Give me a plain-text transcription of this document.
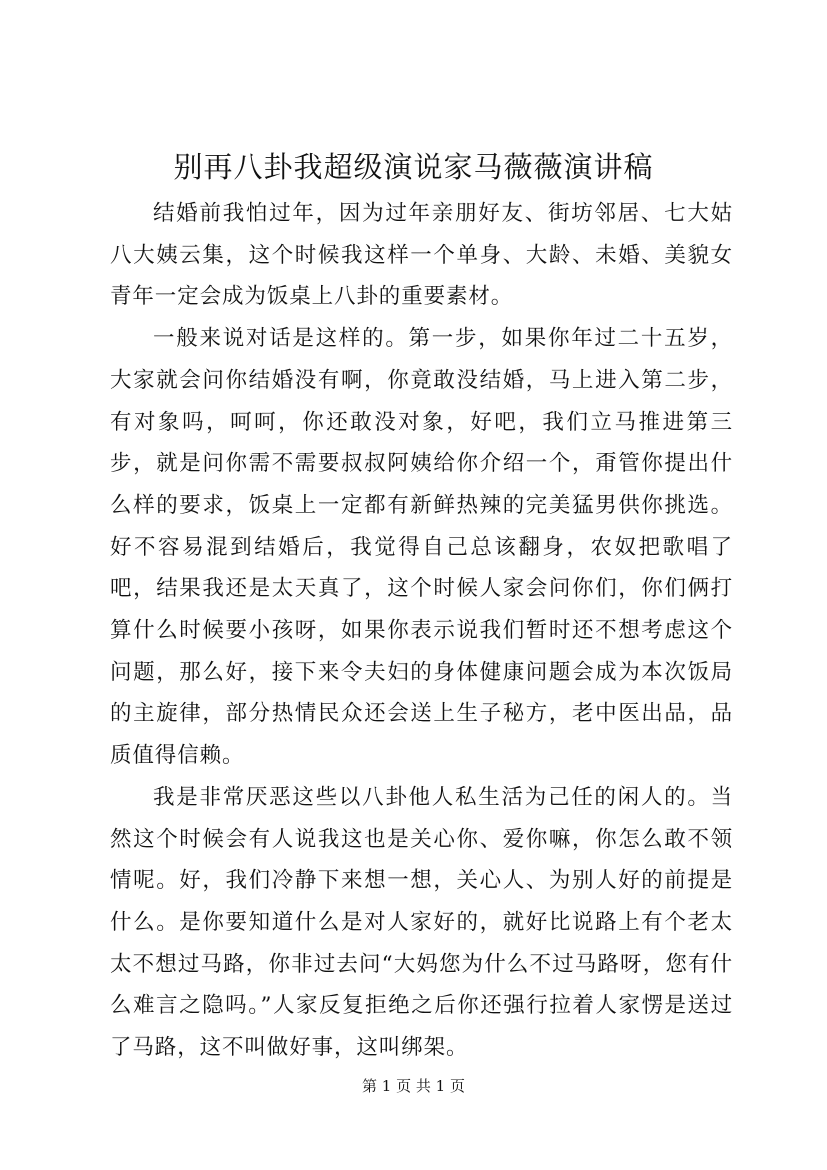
别再八卦我超级演说家马薇薇演讲稿

结婚前我怕过年，因为过年亲朋好友、街坊邻居、七大姑八大姨云集，这个时候我这样一个单身、大龄、未婚、美貌女青年一定会成为饭桌上八卦的重要素材。

一般来说对话是这样的。第一步，如果你年过二十五岁，大家就会问你结婚没有啊，你竟敢没结婚，马上进入第二步，有对象吗，呵呵，你还敢没对象，好吧，我们立马推进第三步，就是问你需不需要叔叔阿姨给你介绍一个，甭管你提出什么样的要求，饭桌上一定都有新鲜热辣的完美猛男供你挑选。好不容易混到结婚后，我觉得自己总该翻身，农奴把歌唱了吧，结果我还是太天真了，这个时候人家会问你们，你们俩打算什么时候要小孩呀，如果你表示说我们暂时还不想考虑这个问题，那么好，接下来令夫妇的身体健康问题会成为本次饭局的主旋律，部分热情民众还会送上生子秘方，老中医出品，品质值得信赖。

我是非常厌恶这些以八卦他人私生活为己任的闲人的。当然这个时候会有人说我这也是关心你、爱你嘛，你怎么敢不领情呢。好，我们冷静下来想一想，关心人、为别人好的前提是什么。是你要知道什么是对人家好的，就好比说路上有个老太太不想过马路，你非过去问“大妈您为什么不过马路呀，您有什么难言之隐吗。”人家反复拒绝之后你还强行拉着人家愣是送过了马路，这不叫做好事，这叫绑架。

第 1 页 共 1 页
